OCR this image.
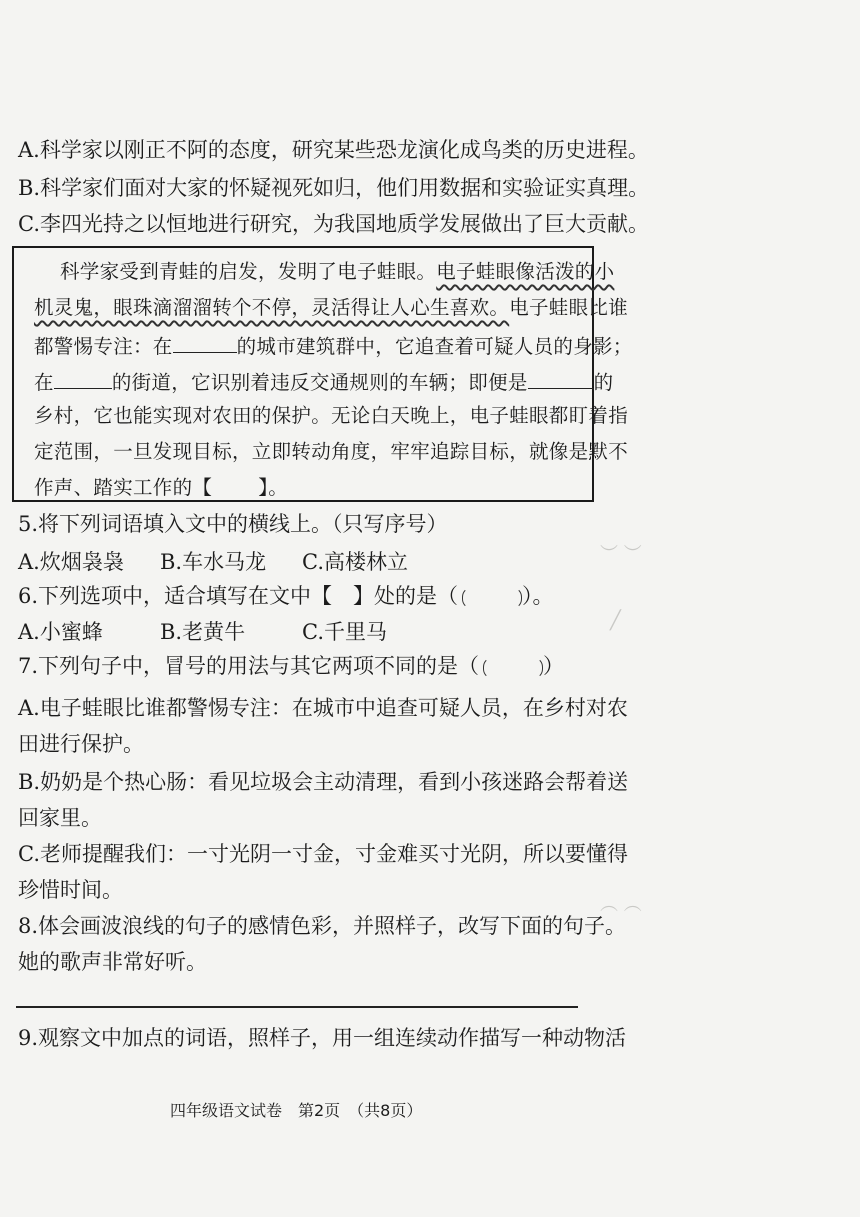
︶ ︶
╱
︵ ︵
A.科学家以刚正不阿的态度，研究某些恐龙演化成鸟类的历史进程。
B.科学家们面对大家的怀疑视死如归，他们用数据和实验证实真理。
C.李四光持之以恒地进行研究，为我国地质学发展做出了巨大贡献。
科学家受到青蛙的启发，发明了电子蛙眼。电子蛙眼像活泼的小
机灵鬼，眼珠滴溜溜转个不停，灵活得让人心生喜欢。电子蛙眼比谁
都警惕专注：在	的城市建筑群中，它追查着可疑人员的身影；
在	的街道，它识别着违反交通规则的车辆；即便是	的
乡村，它也能实现对农田的保护。无论白天晚上，电子蛙眼都盯着指
定范围，一旦发现目标，立即转动角度，牢牢追踪目标，就像是默不
作声、踏实工作的【 】。
5.将下列词语填入文中的横线上。（只写序号）
A.炊烟袅袅 B.车水马龙 C.高楼林立
6.下列选项中，适合填写在文中【　】处的是（	）。
A.小蜜蜂	B.老黄牛	C.千里马
7.下列句子中，冒号的用法与其它两项不同的是（	）
A.电子蛙眼比谁都警惕专注：在城市中追查可疑人员，在乡村对农
田进行保护。
B.奶奶是个热心肠：看见垃圾会主动清理，看到小孩迷路会帮着送
回家里。
C.老师提醒我们：一寸光阴一寸金，寸金难买寸光阴，所以要懂得
珍惜时间。
8.体会画波浪线的句子的感情色彩，并照样子，改写下面的句子。
她的歌声非常好听。
9.观察文中加点的词语，照样子，用一组连续动作描写一种动物活
四年级语文试卷　第2页　（共8页）
